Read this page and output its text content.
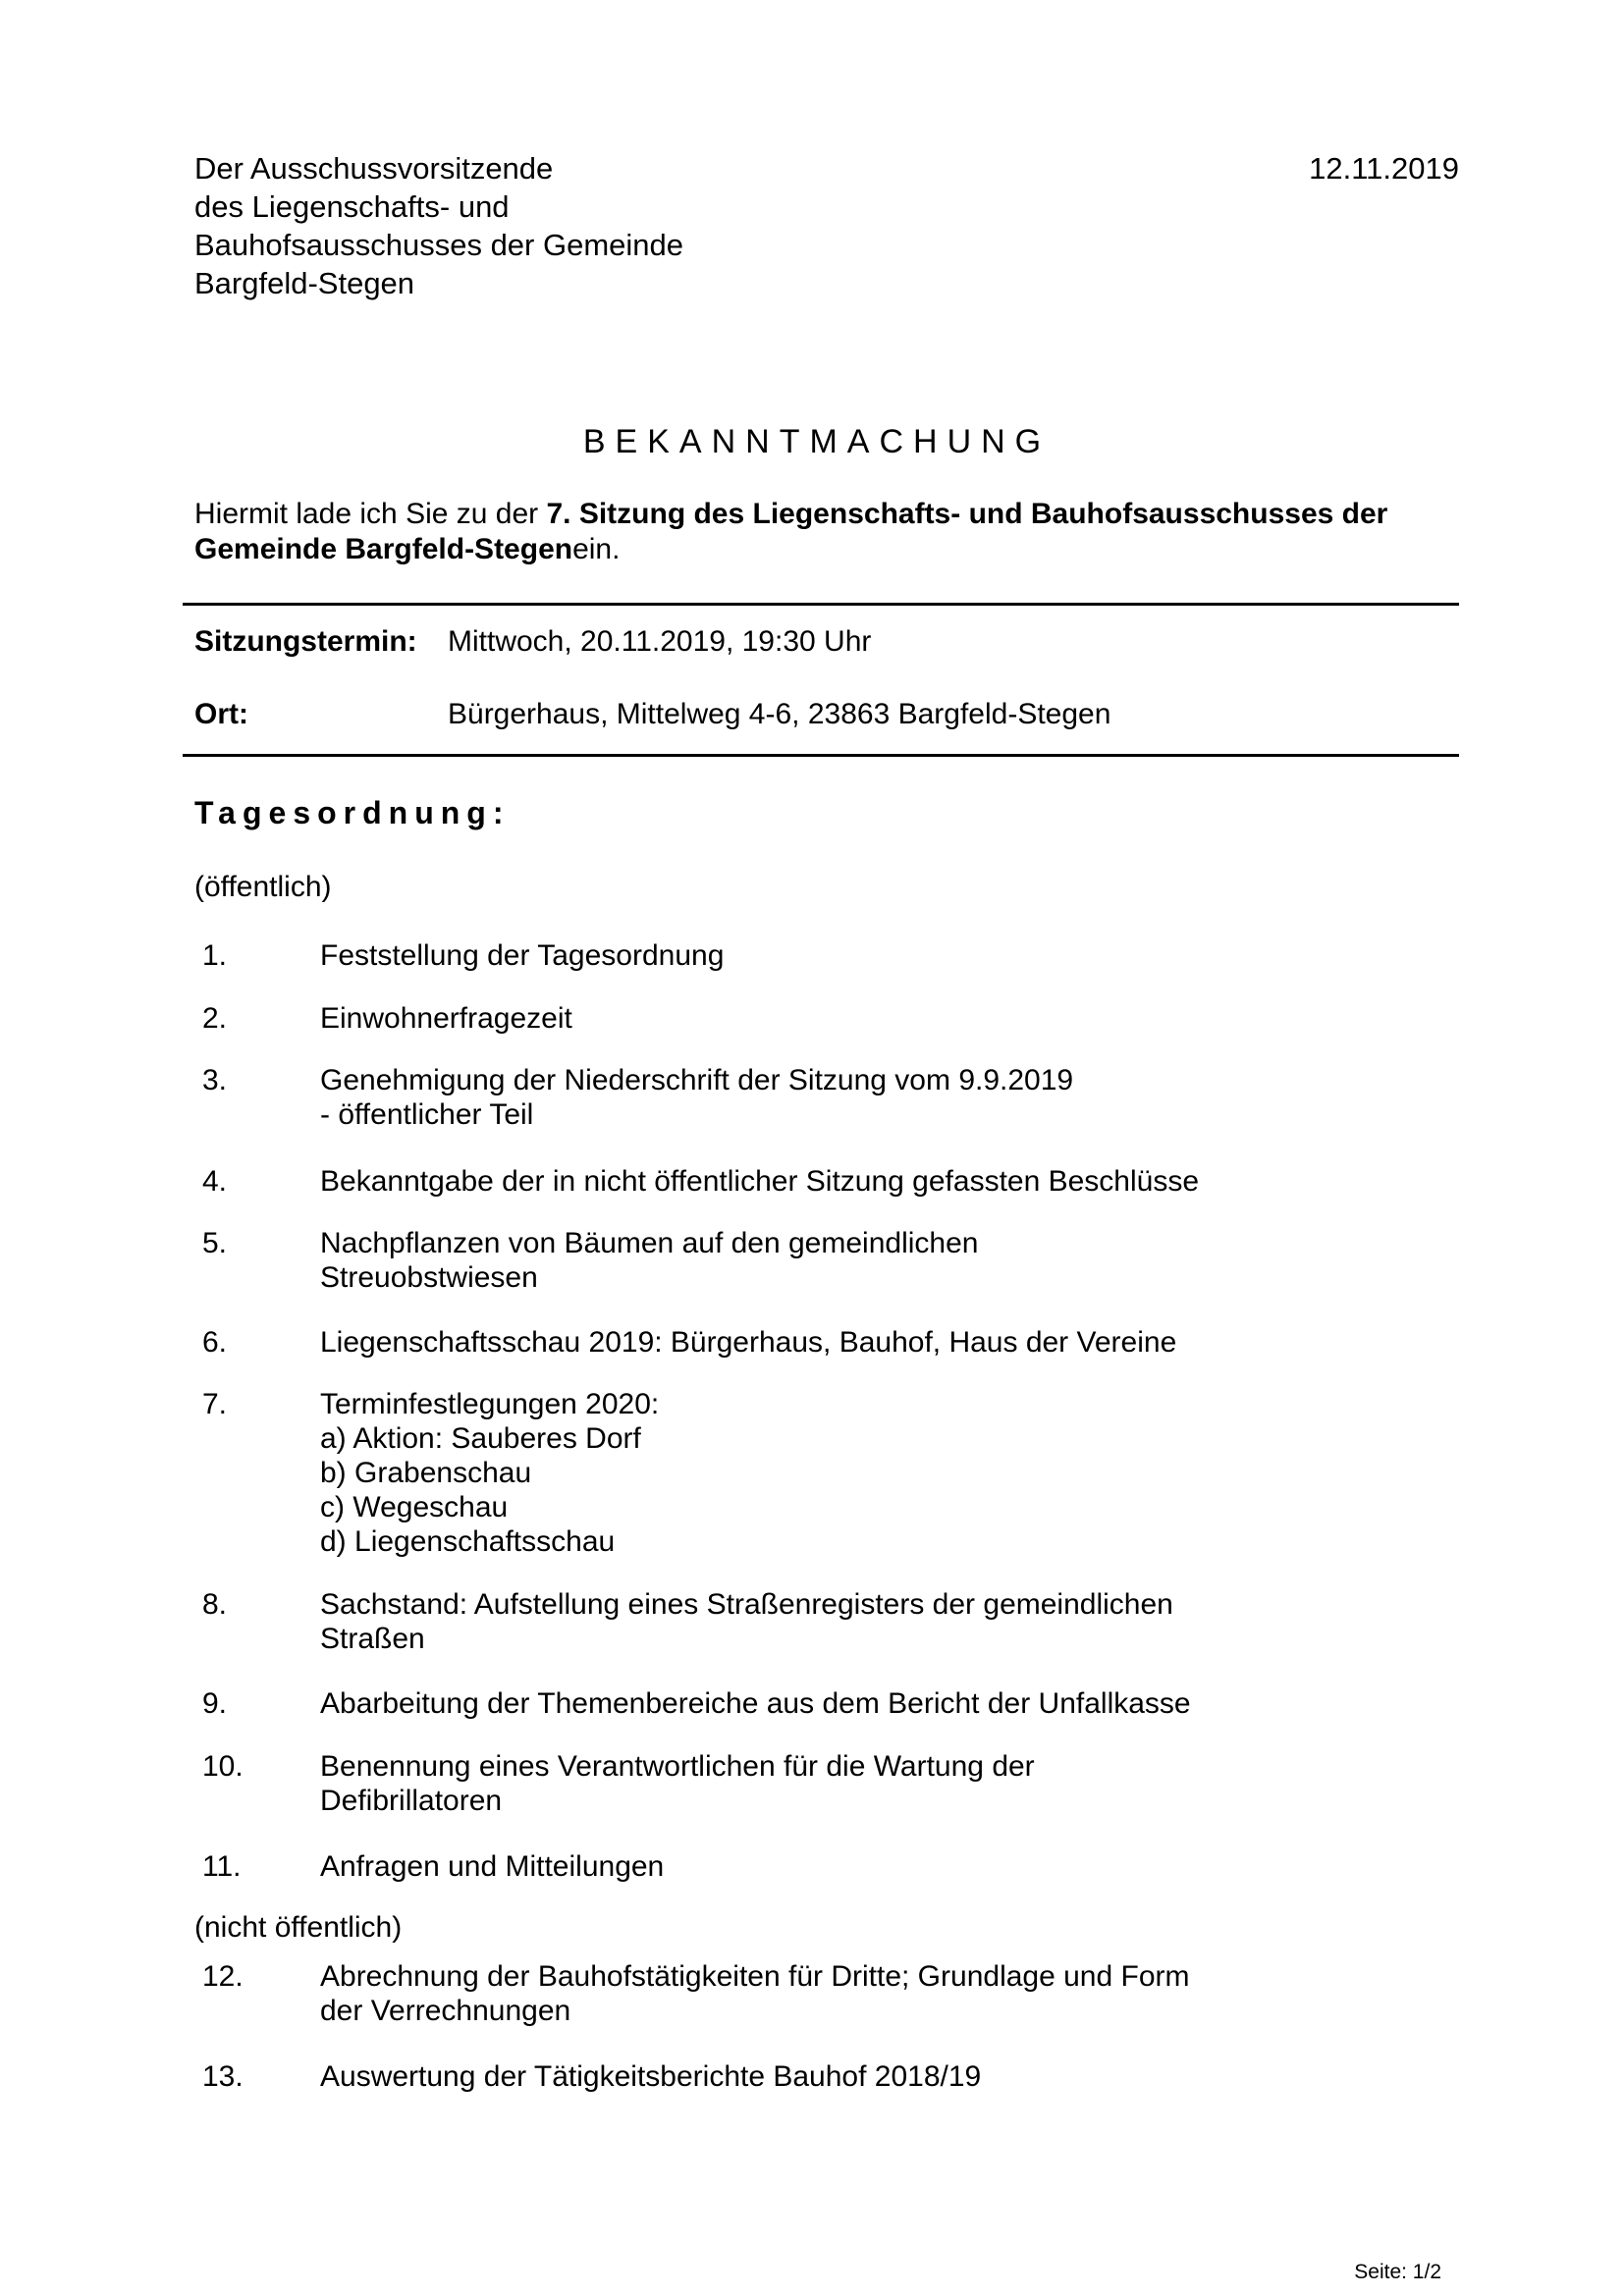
Der Ausschussvorsitzende
des Liegenschafts- und
Bauhofsausschusses der Gemeinde
Bargfeld-Stegen
12.11.2019
BEKANNTMACHUNG
Hiermit lade ich Sie zu der 7. Sitzung des Liegenschafts- und Bauhofsausschusses der
Gemeinde Bargfeld-Stegenein.
Sitzungstermin: Mittwoch, 20.11.2019, 19:30 Uhr
Ort:	Bürgerhaus, Mittelweg 4-6, 23863 Bargfeld-Stegen
Tagesordnung:
(öffentlich)
1.	Feststellung der Tagesordnung
2.	Einwohnerfragezeit
3.	Genehmigung der Niederschrift der Sitzung vom 9.9.2019
- öffentlicher Teil
4.	Bekanntgabe der in nicht öffentlicher Sitzung gefassten Beschlüsse
5.	Nachpflanzen von Bäumen auf den gemeindlichen
Streuobstwiesen
6.	Liegenschaftsschau 2019: Bürgerhaus, Bauhof, Haus der Vereine
7.	Terminfestlegungen 2020:
a) Aktion: Sauberes Dorf
b) Grabenschau
c) Wegeschau
d) Liegenschaftsschau
8.	Sachstand: Aufstellung eines Straßenregisters der gemeindlichen
Straßen
9.	Abarbeitung der Themenbereiche aus dem Bericht der Unfallkasse
10.	Benennung eines Verantwortlichen für die Wartung der
Defibrillatoren
11.	Anfragen und Mitteilungen
12.	Abrechnung der Bauhofstätigkeiten für Dritte; Grundlage und Form
der Verrechnungen
13.	Auswertung der Tätigkeitsberichte Bauhof 2018/19
(nicht öffentlich)
Seite: 1/2
